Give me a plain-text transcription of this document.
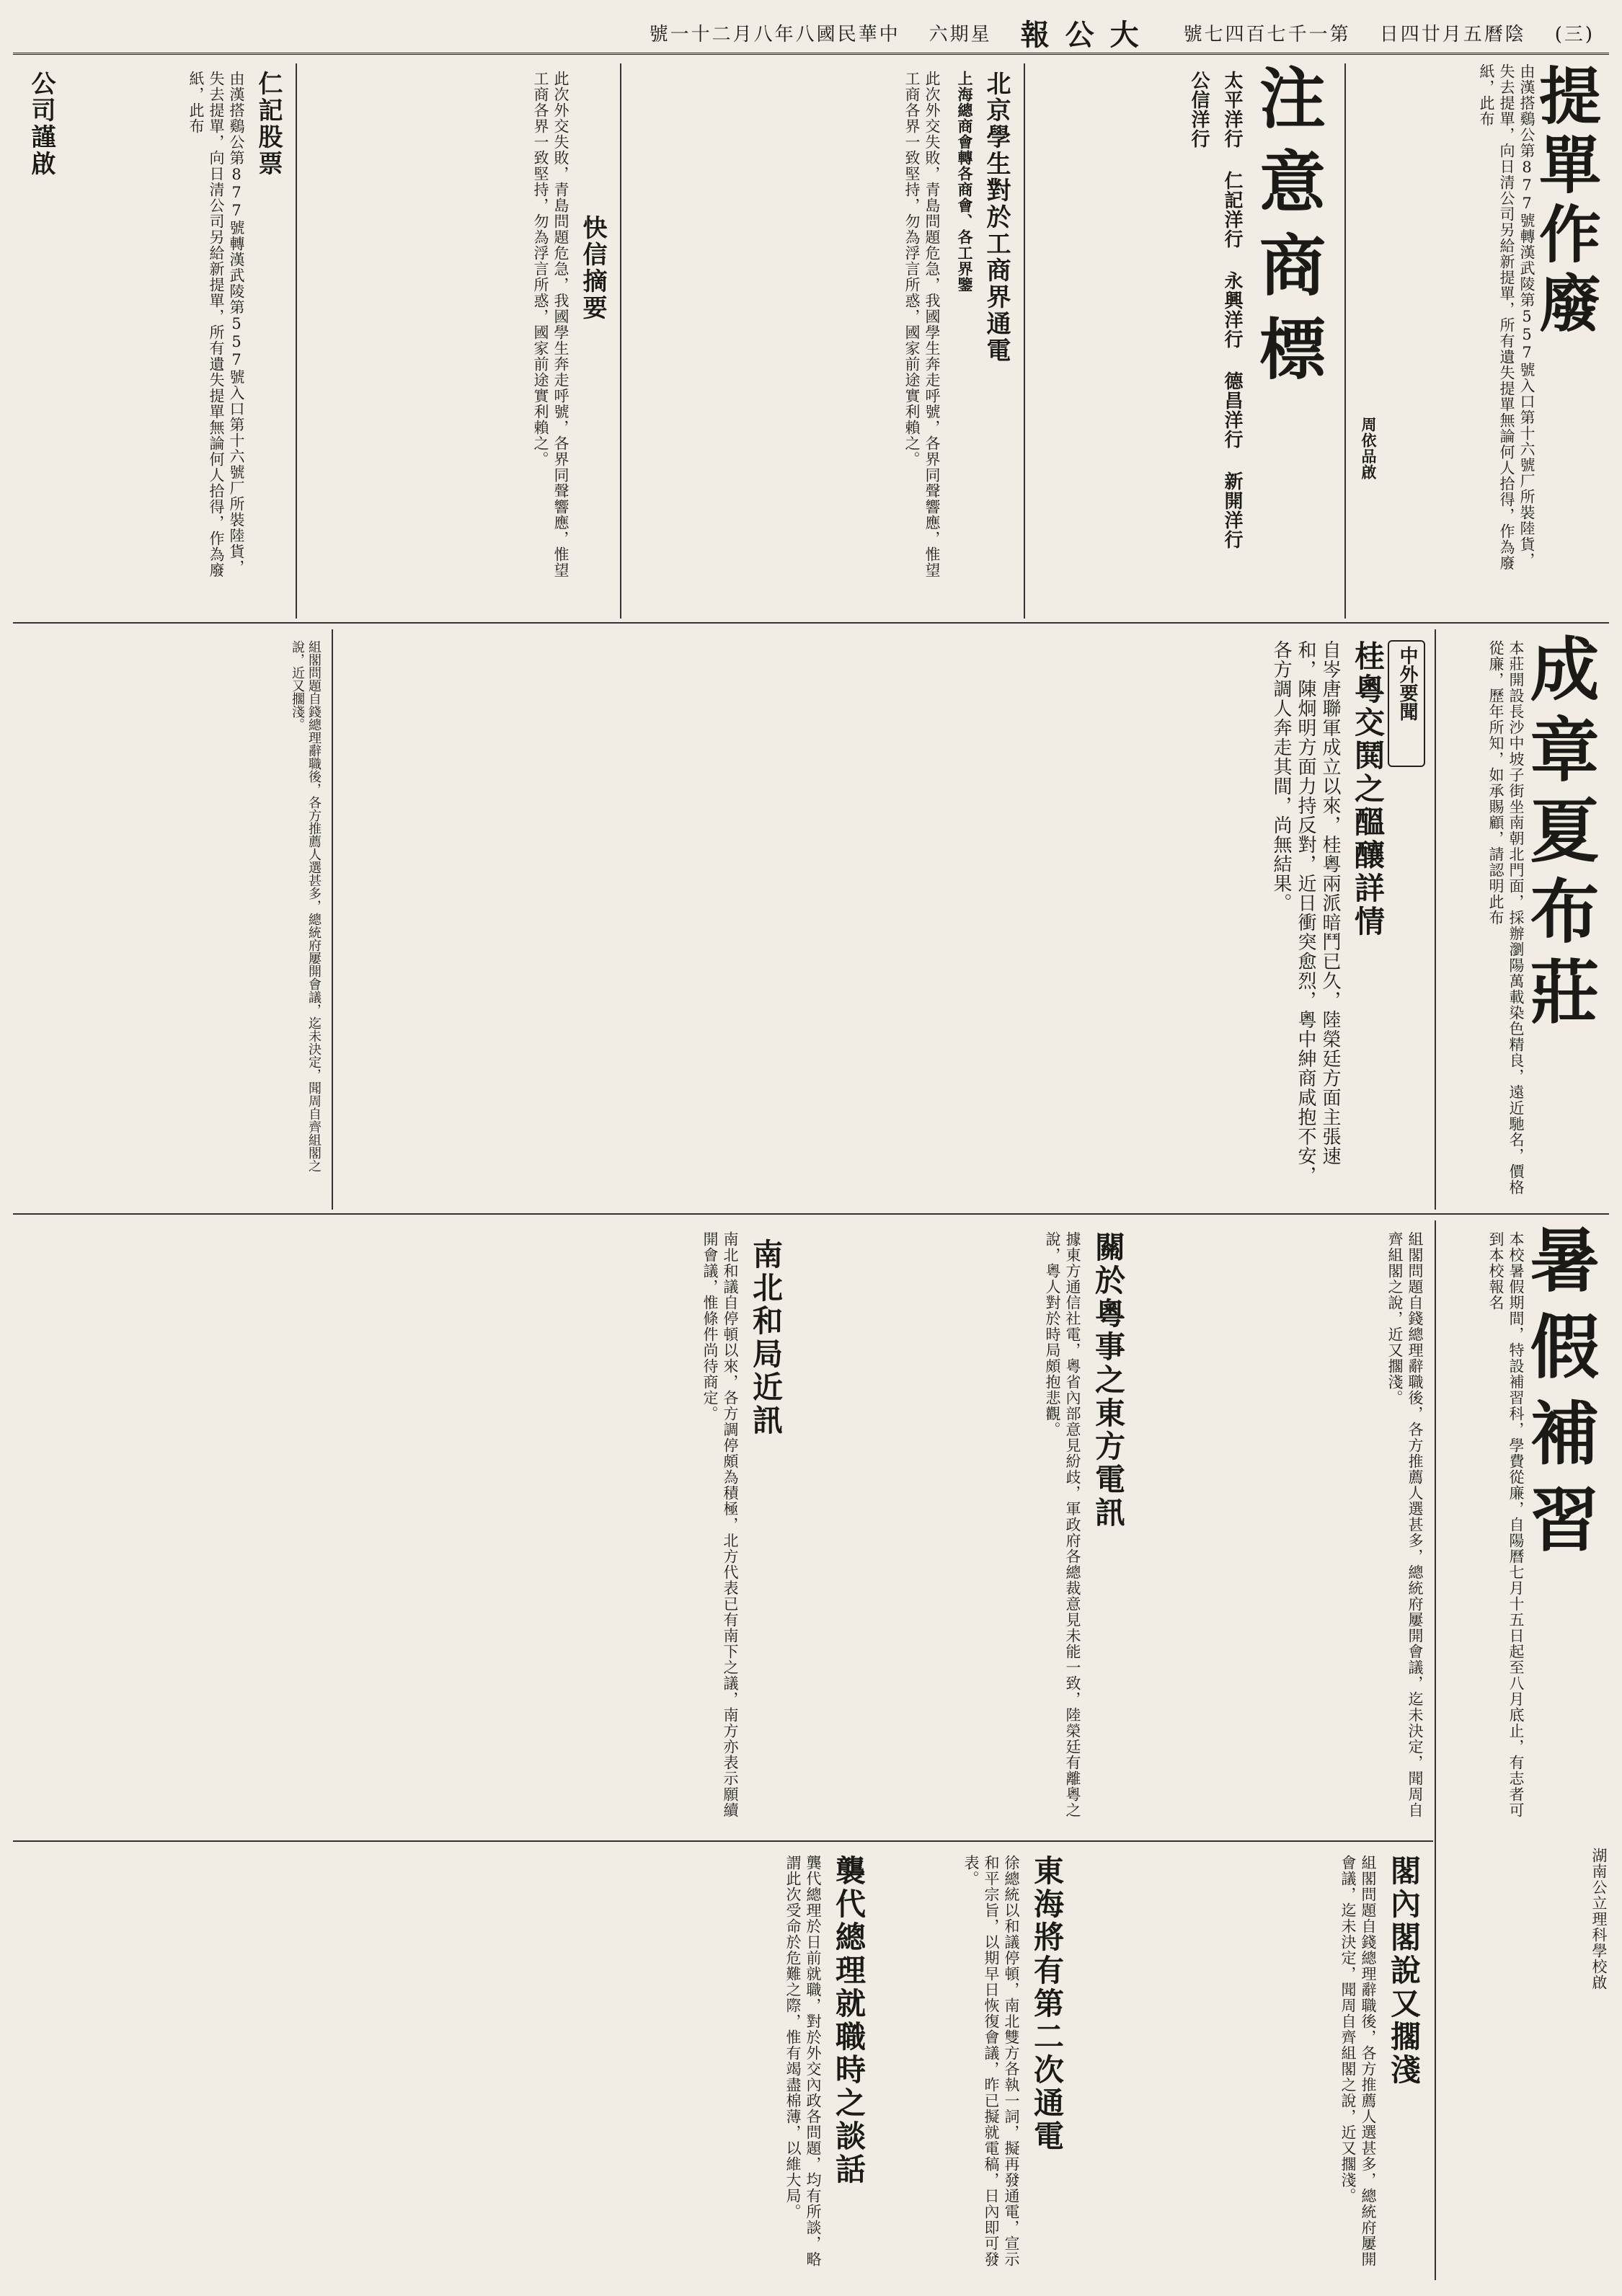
(三)
日四廿月五曆陰
號七四百七千一第
報公大
六期星
號一十二月八年八國民華中
提單作廢
由漢搭鷄公第877號轉漢武陵第557號入口第十六號厂所裝陸貨，失去提單，向日清公司另給新提單，所有遺失提單無論何人拾得，作為廢紙，此布
周依品啟
注意商標
太平洋行 仁記洋行 永興洋行 德昌洋行 新開洋行 公信洋行
北京學生對於工商界通電
上海總商會轉各商會、各工界鑒
此次外交失敗，青島問題危急，我國學生奔走呼號，各界同聲響應，惟望工商各界一致堅持，勿為浮言所惑，國家前途實利賴之。
快信摘要
此次外交失敗，青島問題危急，我國學生奔走呼號，各界同聲響應，惟望工商各界一致堅持，勿為浮言所惑，國家前途實利賴之。
仁記股票
由漢搭鷄公第877號轉漢武陵第557號入口第十六號厂所裝陸貨，失去提單，向日清公司另給新提單，所有遺失提單無論何人拾得，作為廢紙，此布
公司謹啟
成章夏布莊
本莊開設長沙中坡子街坐南朝北門面，採辦瀏陽萬載染色精良，遠近馳名，價格從廉，歷年所知，如承賜顧，請認明此布
中外要聞
桂粵交鬨之醞釀詳情
自岑唐聯軍成立以來，桂粵兩派暗鬥已久，陸榮廷方面主張速和，陳炯明方面力持反對，近日衝突愈烈，粵中紳商咸抱不安，各方調人奔走其間，尚無結果。
組閣問題自錢總理辭職後，各方推薦人選甚多，總統府屢開會議，迄未決定，聞周自齊組閣之說，近又擱淺。
暑假補習
本校暑假期間，特設補習科，學費從廉，自陽曆七月十五日起至八月底止，有志者可到本校報名
組閣問題自錢總理辭職後，各方推薦人選甚多，總統府屢開會議，迄未決定，聞周自齊組閣之說，近又擱淺。
關於粵事之東方電訊
據東方通信社電，粵省內部意見紛歧，軍政府各總裁意見未能一致，陸榮廷有離粵之說，粵人對於時局頗抱悲觀。
南北和局近訊
南北和議自停頓以來，各方調停頗為積極，北方代表已有南下之議，南方亦表示願續開會議，惟條件尚待商定。
湖南公立理科學校啟
閣內閣說又擱淺
組閣問題自錢總理辭職後，各方推薦人選甚多，總統府屢開會議，迄未決定，聞周自齊組閣之說，近又擱淺。
東海將有第二次通電
徐總統以和議停頓，南北雙方各執一詞，擬再發通電，宣示和平宗旨，以期早日恢復會議，昨已擬就電稿，日內即可發表。
襲代總理就職時之談話
龔代總理於日前就職，對於外交內政各問題，均有所談，略謂此次受命於危難之際，惟有竭盡棉薄，以維大局。
